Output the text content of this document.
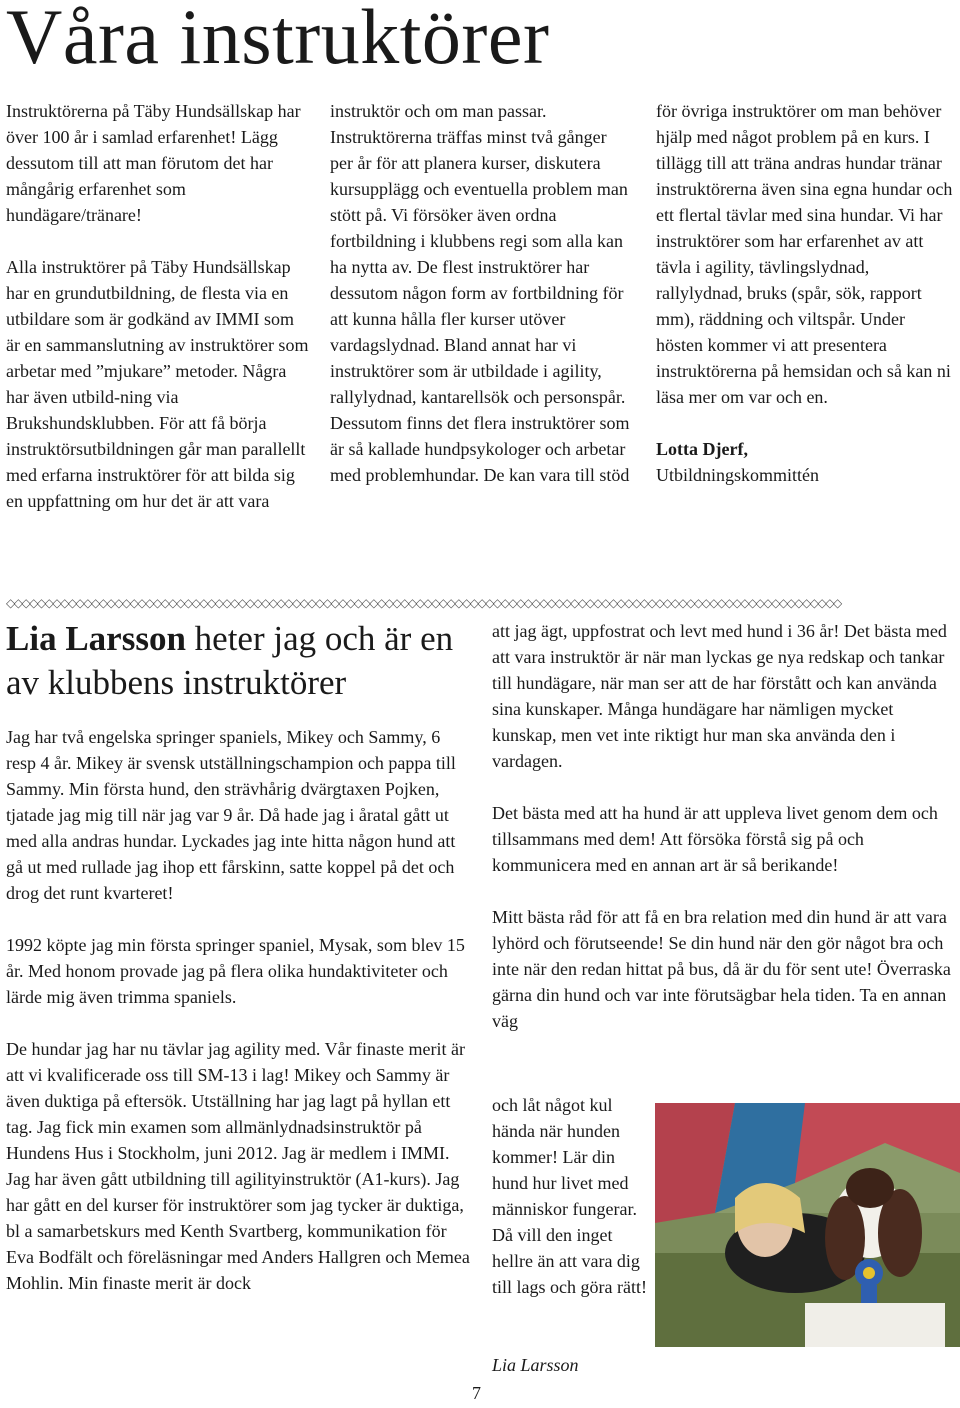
Våra instruktörer

Instruktörerna på Täby Hundsällskap har över 100 år i samlad erfarenhet! Lägg dessutom till att man förutom det har mångårig erfarenhet som hundägare/tränare!

Alla instruktörer på Täby Hundsällskap har en grundutbildning, de flesta via en utbildare som är godkänd av IMMI som är en sammanslutning av instruktörer som arbetar med ”mjukare” metoder. Några har även utbild-ning via Brukshundsklubben. För att få börja instruktörsutbildningen går man parallellt med erfarna instruktörer för att bilda sig en uppfattning om hur det är att vara

instruktör och om man passar. Instruktörerna träffas minst två gånger per år för att planera kurser, diskutera kursupplägg och eventuella problem man stött på. Vi försöker även ordna fortbildning i klubbens regi som alla kan ha nytta av. De flest instruktörer har dessutom någon form av fortbildning för att kunna hålla fler kurser utöver vardagslydnad. Bland annat har vi instruktörer som är utbildade i agility, rallylydnad, kantarellsök och personspår. Dessutom finns det flera instruktörer som är så kallade hundpsykologer och arbetar med problemhundar. De kan vara till stöd

för övriga instruktörer om man behöver hjälp med något problem på en kurs. I tillägg till att träna andras hundar tränar instruktörerna även sina egna hundar och ett flertal tävlar med sina hundar. Vi har instruktörer som har erfarenhet av att tävla i agility, tävlingslydnad, rallylydnad, bruks (spår, sök, rapport mm), räddning och viltspår. Under hösten kommer vi att presentera instruktörerna på hemsidan och så kan ni läsa mer om var och en.

Lotta Djerf,
Utbildningskommittén

◇◇◇◇◇◇◇◇◇◇◇◇◇◇◇◇◇◇◇◇◇◇◇◇◇◇◇◇◇◇◇◇◇◇◇◇◇◇◇◇◇◇◇◇◇◇◇◇◇◇◇◇◇◇◇◇◇◇◇◇◇◇◇◇◇◇◇◇◇◇◇◇◇◇◇◇◇◇◇◇◇◇◇◇◇◇◇◇◇◇◇◇◇◇◇◇◇◇◇◇◇◇◇◇◇◇◇◇
Lia Larsson heter jag och är en av klubbens instruktörer

Jag har två engelska springer spaniels, Mikey och Sammy, 6 resp 4 år. Mikey är svensk utställningschampion och pappa till Sammy. Min första hund, den strävhårig dvärgtaxen Pojken, tjatade jag mig till när jag var 9 år. Då hade jag i åratal gått ut med alla andras hundar. Lyckades jag inte hitta någon hund att gå ut med rullade jag ihop ett fårskinn, satte koppel på det och drog det runt kvarteret!

1992 köpte jag min första springer spaniel, Mysak, som blev 15 år. Med honom provade jag på flera olika hundaktiviteter och lärde mig även trimma spaniels.

De hundar jag har nu tävlar jag agility med. Vår finaste merit är att vi kvalificerade oss till SM-13 i lag! Mikey och Sammy är även duktiga på eftersök. Utställning har jag lagt på hyllan ett tag. Jag fick min examen som allmänlydnadsinstruktör på Hundens Hus i Stockholm, juni 2012. Jag är medlem i IMMI. Jag har även gått utbildning till agilityinstruktör (A1-kurs). Jag har gått en del kurser för instruktörer som jag tycker är duktiga, bl a samarbetskurs med Kenth Svartberg, kommunikation för Eva Bodfält och föreläsningar med Anders Hallgren och Memea Mohlin. Min finaste merit är dock

att jag ägt, uppfostrat och levt med hund i 36 år! Det bästa med att vara instruktör är när man lyckas ge nya redskap och tankar till hundägare, när man ser att de har förstått och kan använda sina kunskaper. Många hundägare har nämligen mycket kunskap, men vet inte riktigt hur man ska använda den i vardagen.

Det bästa med att ha hund är att uppleva livet genom dem och tillsammans med dem! Att försöka förstå sig på och kommunicera med en annan art är så berikande!

Mitt bästa råd för att få en bra relation med din hund är att vara lyhörd och förutseende! Se din hund när den gör något bra och inte när den redan hittat på bus, då är du för sent ute! Överraska gärna din hund och var inte förutsägbar hela tiden. Ta en annan väg

och låt något kul hända när hunden kommer! Lär din hund hur livet med människor fungerar. Då vill den inget hellre än att vara dig till lags och göra rätt!

Lia Larsson
7
